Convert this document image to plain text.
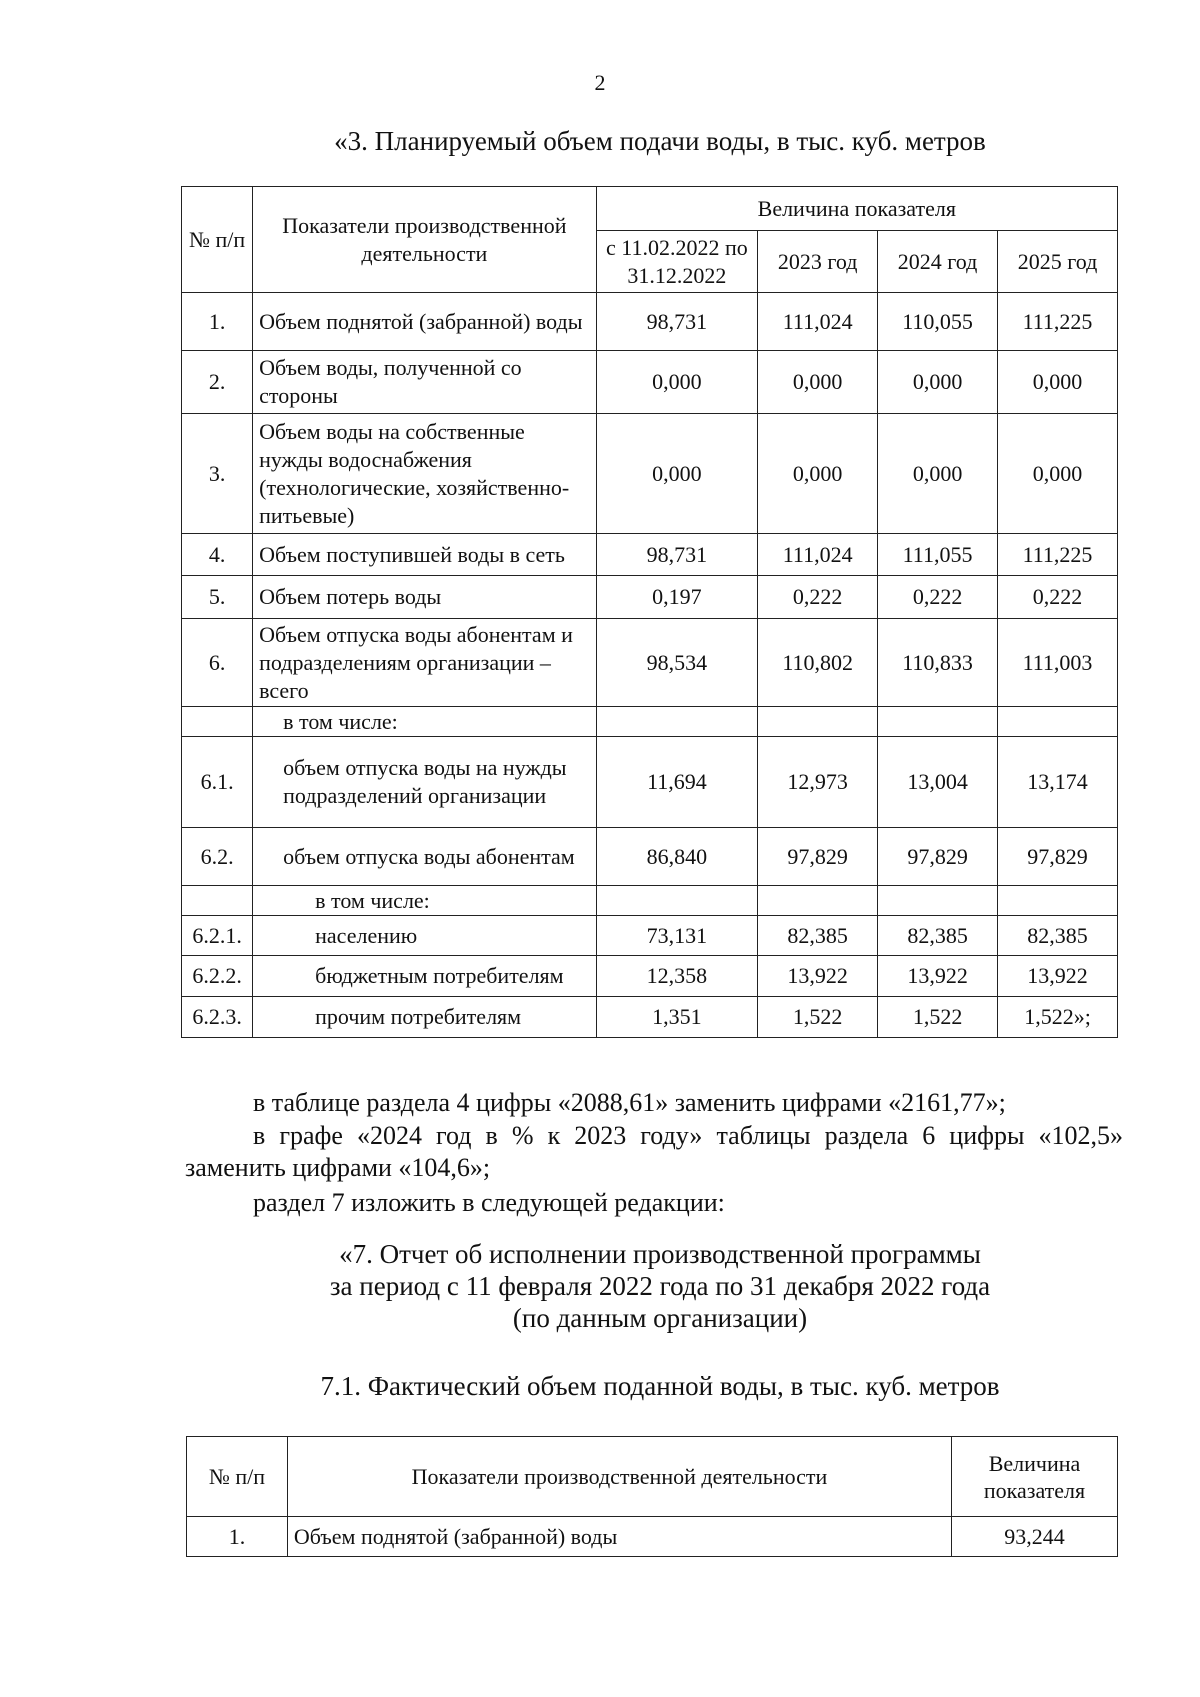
2
«3. Планируемый объем подачи воды, в тыс. куб. метров
№ п/п	Показатели производственной деятельности	Величина показателя			
		с 11.02.2022 по 31.12.2022	2023 год	2024 год	2025 год
1.	Объем поднятой (забранной) воды	98,731	111,024	110,055	111,225
2.	Объем воды, полученной со стороны	0,000	0,000	0,000	0,000
3.	Объем воды на собственные нужды водоснабжения (технологические, хозяйственно-питьевые)	0,000	0,000	0,000	0,000
4.	Объем поступившей воды в сеть	98,731	111,024	111,055	111,225
5.	Объем потерь воды	0,197	0,222	0,222	0,222
6.	Объем отпуска воды абонентам и подразделениям организации – всего	98,534	110,802	110,833	111,003
	в том числе:				
6.1.	объем отпуска воды на нужды подразделений организации	11,694	12,973	13,004	13,174
6.2.	объем отпуска воды абонентам	86,840	97,829	97,829	97,829
	в том числе:				
6.2.1.	населению	73,131	82,385	82,385	82,385
6.2.2.	бюджетным потребителям	12,358	13,922	13,922	13,922
6.2.3.	прочим потребителям	1,351	1,522	1,522	1,522»;
в таблице раздела 4 цифры «2088,61» заменить цифрами «2161,77»;
в графе «2024 год в % к 2023 году» таблицы раздела 6 цифры «102,5»
заменить цифрами «104,6»;
раздел 7 изложить в следующей редакции:
«7. Отчет об исполнении производственной программы
за период с 11 февраля 2022 года по 31 декабря 2022 года
(по данным организации)
7.1. Фактический объем поданной воды, в тыс. куб. метров
№ п/п	Показатели производственной деятельности	Величина показателя
1.	Объем поднятой (забранной) воды	93,244
